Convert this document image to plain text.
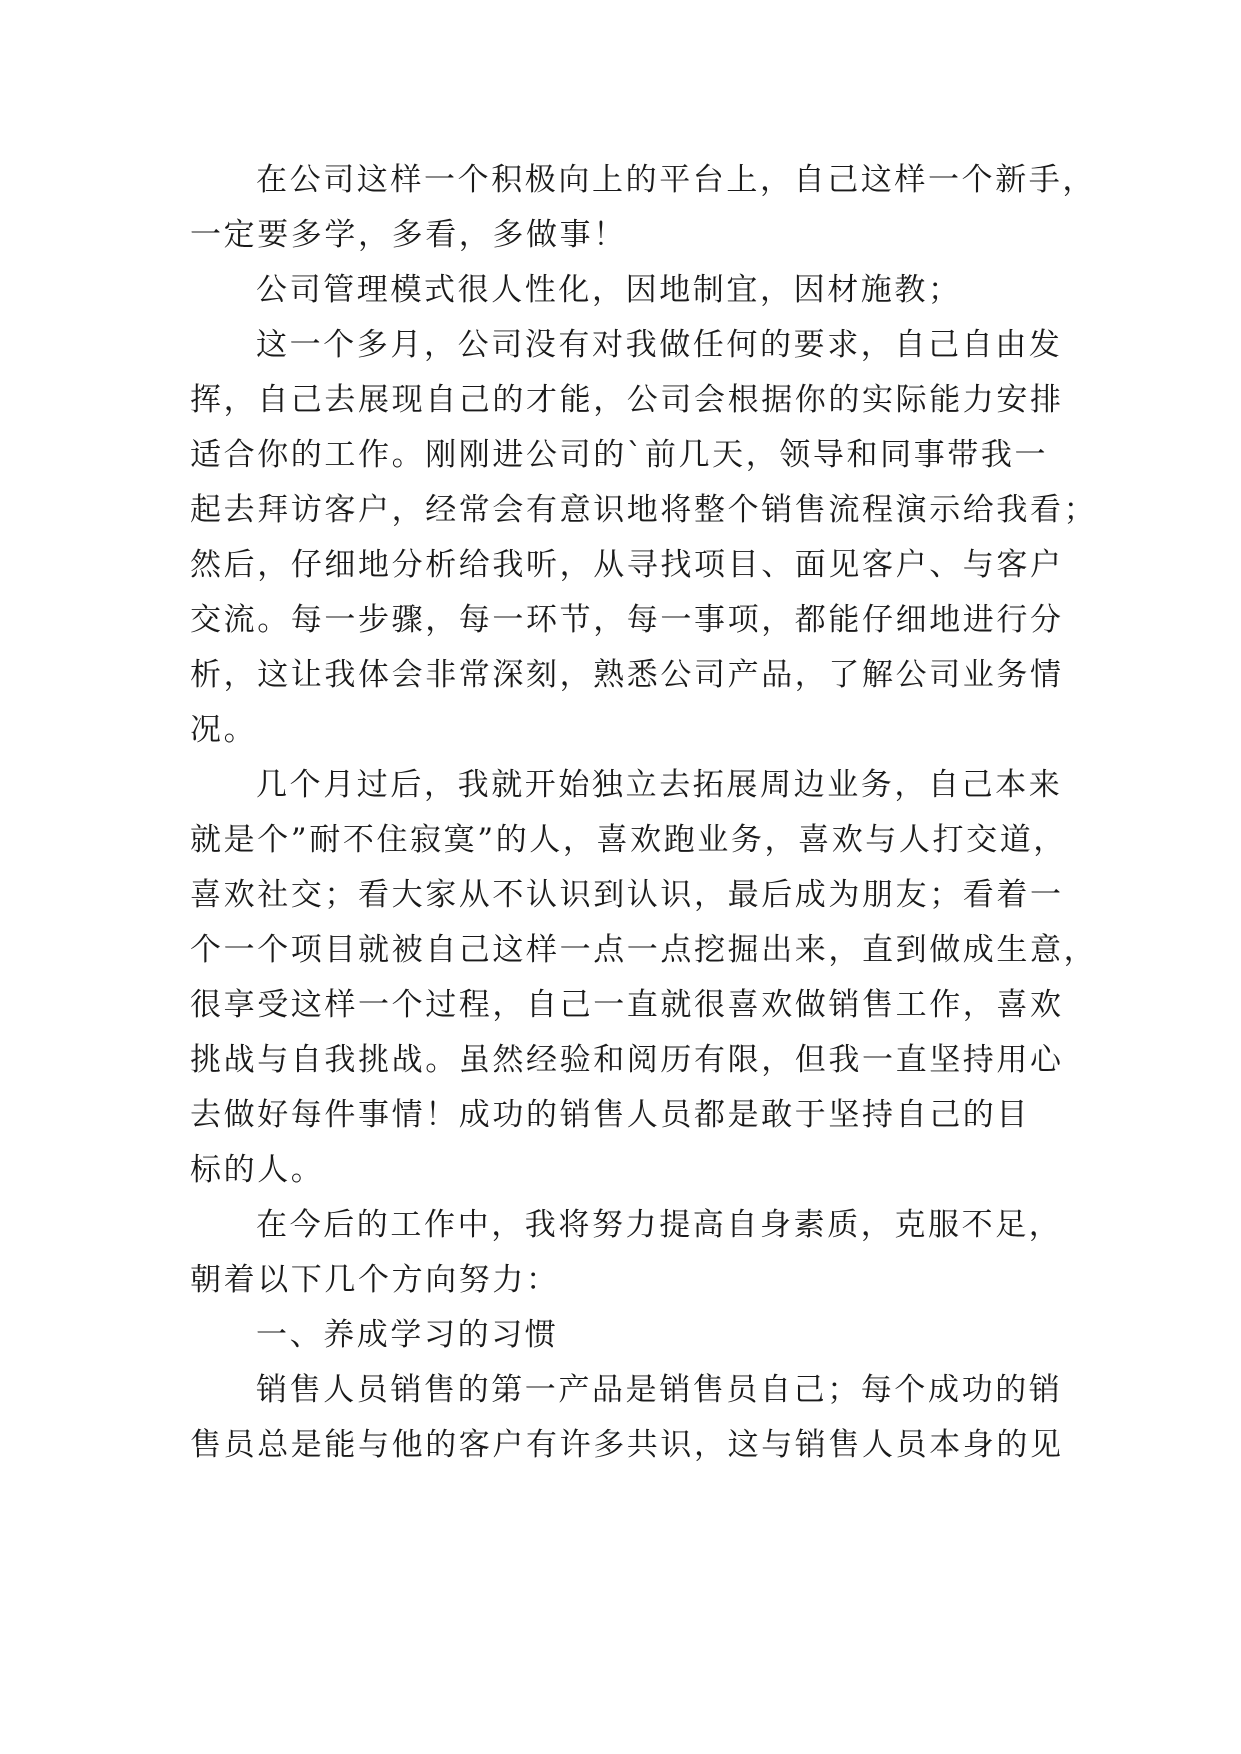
在公司这样一个积极向上的平台上，自己这样一个新手，
一定要多学，多看，多做事！
公司管理模式很人性化，因地制宜，因材施教；
这一个多月，公司没有对我做任何的要求，自己自由发
挥，自己去展现自己的才能，公司会根据你的实际能力安排
适合你的工作。刚刚进公司的`前几天，领导和同事带我一
起去拜访客户，经常会有意识地将整个销售流程演示给我看；
然后，仔细地分析给我听，从寻找项目、面见客户、与客户
交流。每一步骤，每一环节，每一事项，都能仔细地进行分
析，这让我体会非常深刻，熟悉公司产品，了解公司业务情
况。
几个月过后，我就开始独立去拓展周边业务，自己本来
就是个”耐不住寂寞”的人，喜欢跑业务，喜欢与人打交道，
喜欢社交；看大家从不认识到认识，最后成为朋友；看着一
个一个项目就被自己这样一点一点挖掘出来，直到做成生意，
很享受这样一个过程，自己一直就很喜欢做销售工作，喜欢
挑战与自我挑战。虽然经验和阅历有限，但我一直坚持用心
去做好每件事情！成功的销售人员都是敢于坚持自己的目
标的人。
在今后的工作中，我将努力提高自身素质，克服不足，
朝着以下几个方向努力：
一、养成学习的习惯
销售人员销售的第一产品是销售员自己；每个成功的销
售员总是能与他的客户有许多共识，这与销售人员本身的见
